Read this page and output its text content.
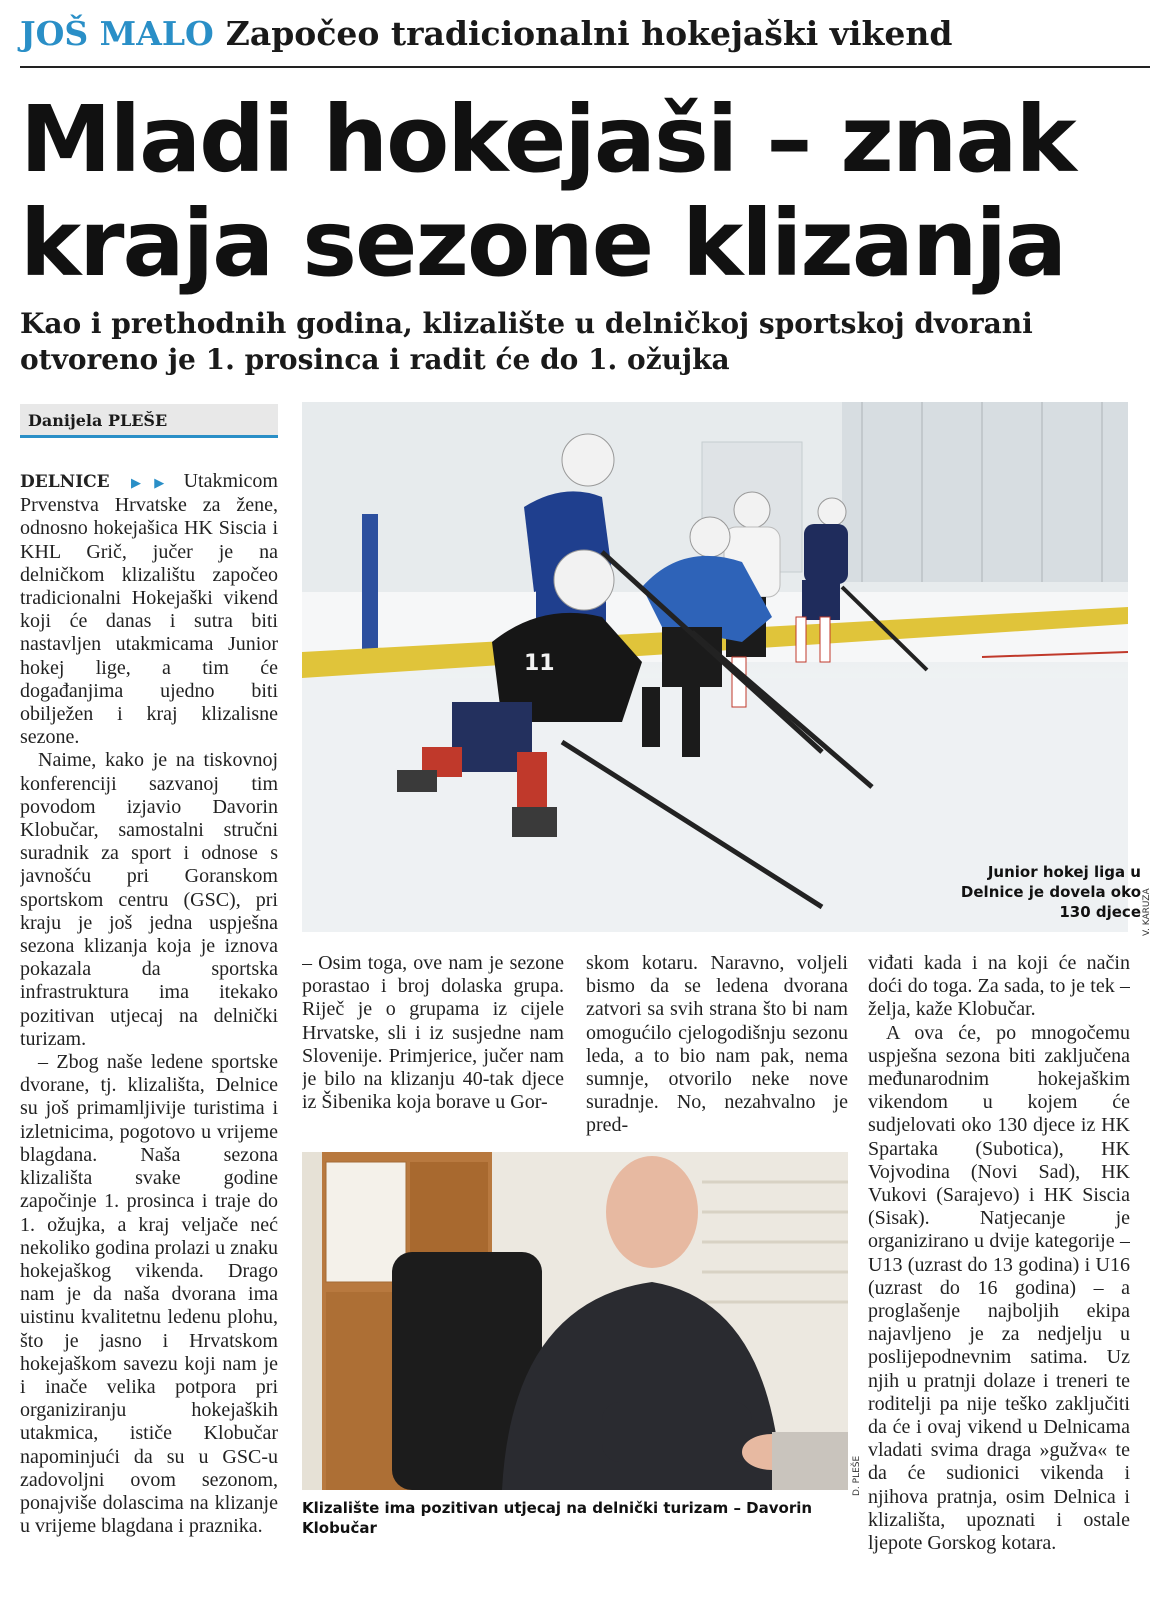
JOŠ MALO Započeo tradicionalni hokejaški vikend
Mladi hokejaši – znak
kraja sezone klizanja
Kao i prethodnih godina, klizalište u delničkoj sportskoj dvorani
otvoreno je 1. prosinca i radit će do 1. ožujka
Danijela PLEŠE

DELNICE ▶▶ Utakmicom Prvenstva Hrvatske za žene, odnosno hokejašica HK Siscia i KHL Grič, jučer je na delničkom klizalištu započeo tradicionalni Hokejaški vikend koji će danas i sutra biti nastavljen utakmicama Junior hokej lige, a tim će događanjima ujedno biti obilježen i kraj klizalisne sezone.

Naime, kako je na tiskovnoj konferenciji sazvanoj tim povodom izjavio Davorin Klobučar, samostalni stručni suradnik za sport i odnose s javnošću pri Goranskom sportskom centru (GSC), pri kraju je još jedna uspješna sezona klizanja koja je iznova pokazala da sportska infrastruktura ima itekako pozitivan utjecaj na delnički turizam.

– Zbog naše ledene sportske dvorane, tj. klizališta, Delnice su još primamljivije turistima i izletnicima, pogotovo u vrijeme blagdana. Naša sezona klizališta svake godine započinje 1. prosinca i traje do 1. ožujka, a kraj veljače neć nekoliko godina prolazi u znaku hokejaškog vikenda. Drago nam je da naša dvorana ima uistinu kvalitetnu ledenu plohu, što je jasno i Hrvatskom hokejaškom savezu koji nam je i inače velika potpora pri organiziranju hokejaških utakmica, ističe Klobučar napominjući da su u GSC-u zadovoljni ovom sezonom, ponajviše dolascima na klizanje u vrijeme blagdana i praznika.

11
Junior hokej liga u Delnice je dovela oko 130 djece V. KARUZA

– Osim toga, ove nam je sezone porastao i broj dolaska grupa. Riječ je o grupama iz cijele Hrvatske, sli i iz susjedne nam Slovenije. Primjerice, jučer nam je bilo na klizanju 40-tak djece iz Šibenika koja borave u Gor-

skom kotaru. Naravno, voljeli bismo da se ledena dvorana zatvori sa svih strana što bi nam omogućilo cjelogodišnju sezonu leda, a to bio nam pak, nema sumnje, otvorilo neke nove suradnje. No, nezahvalno je pred-

D. PLEŠE
Klizalište ima pozitivan utjecaj na delnički turizam – Davorin Klobučar

viđati kada i na koji će način doći do toga. Za sada, to je tek – želja, kaže Klobučar.

A ova će, po mnogočemu uspješna sezona biti zaključena međunarodnim hokejaškim vikendom u kojem će sudjelovati oko 130 djece iz HK Spartaka (Subotica), HK Vojvodina (Novi Sad), HK Vukovi (Sarajevo) i HK Siscia (Sisak). Natjecanje je organizirano u dvije kategorije – U13 (uzrast do 13 godina) i U16 (uzrast do 16 godina) – a proglašenje najboljih ekipa najavljeno je za nedjelju u poslijepodnevnim satima. Uz njih u pratnji dolaze i treneri te roditelji pa nije teško zaključiti da će i ovaj vikend u Delnicama vladati svima draga »gužva« te da će sudionici vikenda i njihova pratnja, osim Delnica i klizališta, upoznati i ostale ljepote Gorskog kotara.
